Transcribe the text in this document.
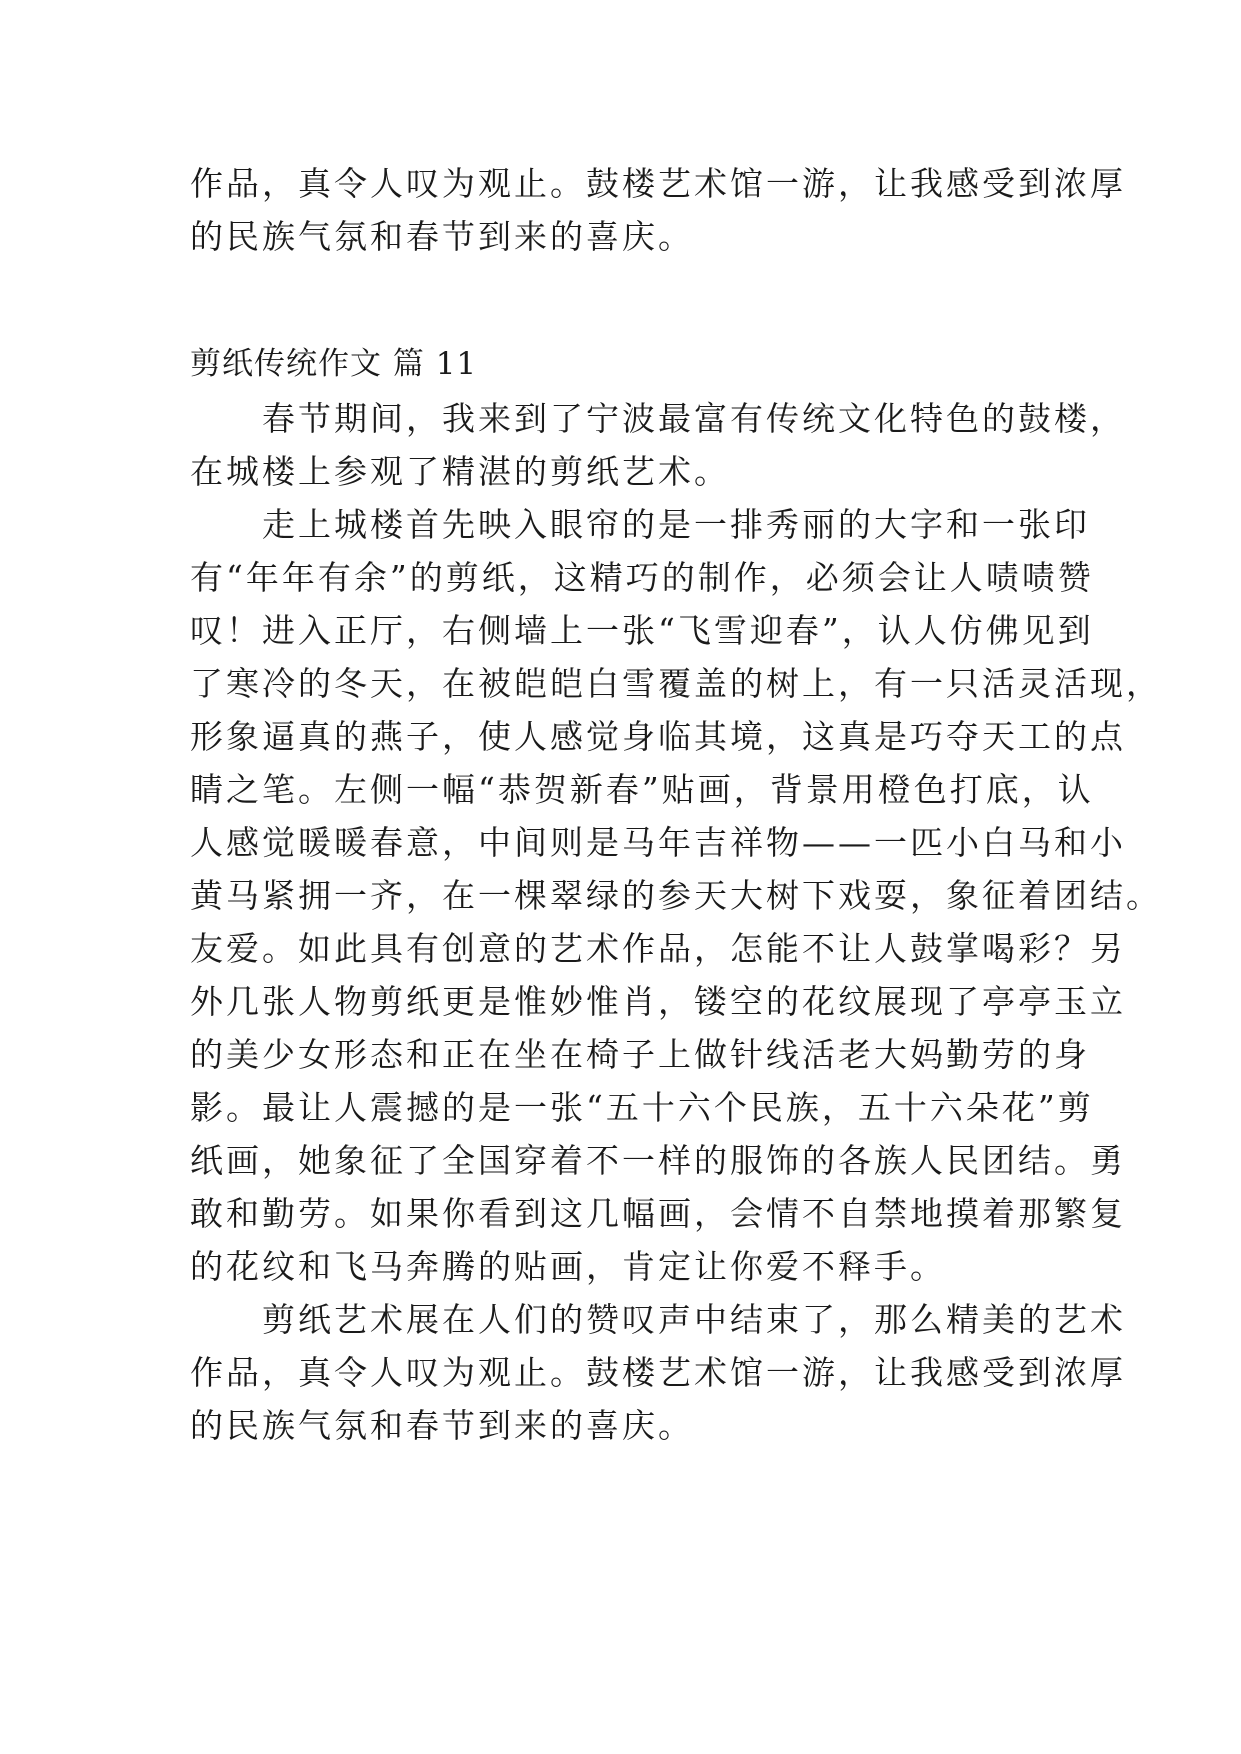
作品，真令人叹为观止。鼓楼艺术馆一游，让我感受到浓厚
的民族气氛和春节到来的喜庆。
剪纸传统作文 篇 11
　　春节期间，我来到了宁波最富有传统文化特色的鼓楼，
在城楼上参观了精湛的剪纸艺术。
　　走上城楼首先映入眼帘的是一排秀丽的大字和一张印
有“年年有余”的剪纸，这精巧的制作，必须会让人啧啧赞
叹！进入正厅，右侧墙上一张“飞雪迎春”，认人仿佛见到
了寒冷的冬天，在被皑皑白雪覆盖的树上，有一只活灵活现，
形象逼真的燕子，使人感觉身临其境，这真是巧夺天工的点
睛之笔。左侧一幅“恭贺新春”贴画，背景用橙色打底，认
人感觉暖暖春意，中间则是马年吉祥物——一匹小白马和小
黄马紧拥一齐，在一棵翠绿的参天大树下戏耍，象征着团结。
友爱。如此具有创意的艺术作品，怎能不让人鼓掌喝彩？另
外几张人物剪纸更是惟妙惟肖，镂空的花纹展现了亭亭玉立
的美少女形态和正在坐在椅子上做针线活老大妈勤劳的身
影。最让人震撼的是一张“五十六个民族，五十六朵花”剪
纸画，她象征了全国穿着不一样的服饰的各族人民团结。勇
敢和勤劳。如果你看到这几幅画，会情不自禁地摸着那繁复
的花纹和飞马奔腾的贴画，肯定让你爱不释手。
　　剪纸艺术展在人们的赞叹声中结束了，那么精美的艺术
作品，真令人叹为观止。鼓楼艺术馆一游，让我感受到浓厚
的民族气氛和春节到来的喜庆。
